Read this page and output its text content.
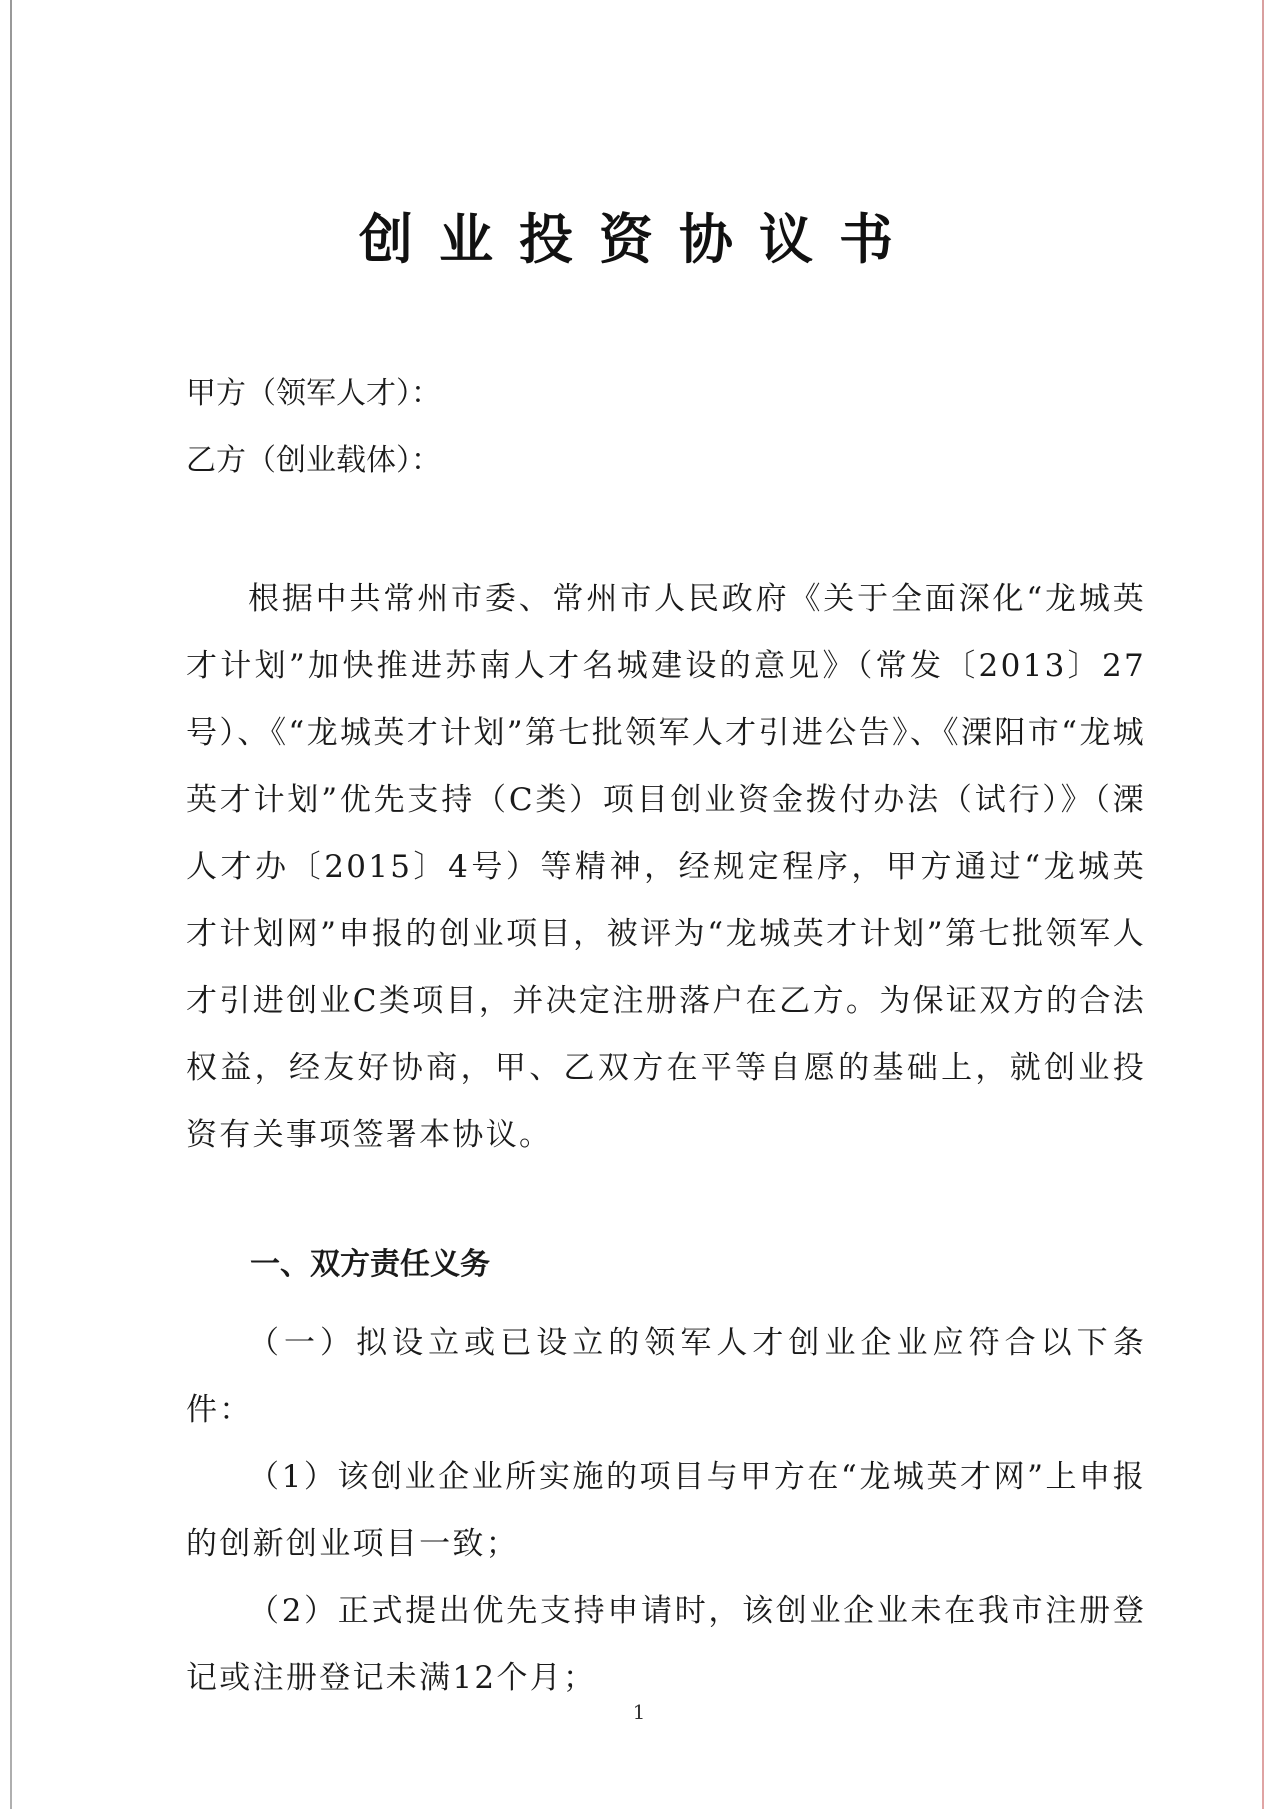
创业投资协议书

甲方（领军人才）：

乙方（创业载体）：

根据中共常州市委、常州市人民政府《关于全面深化“龙城英才计划”加快推进苏南人才名城建设的意见》（常发〔2013〕27号）、《“龙城英才计划”第七批领军人才引进公告》、《溧阳市“龙城英才计划”优先支持（C类）项目创业资金拨付办法（试行）》（溧人才办〔2015〕4号）等精神，经规定程序，甲方通过“龙城英才计划网”申报的创业项目，被评为“龙城英才计划”第七批领军人才引进创业C类项目，并决定注册落户在乙方。为保证双方的合法权益，经友好协商，甲、乙双方在平等自愿的基础上，就创业投资有关事项签署本协议。

一、双方责任义务
（一）拟设立或已设立的领军人才创业企业应符合以下条件：
（1）该创业企业所实施的项目与甲方在“龙城英才网”上申报的创新创业项目一致；
（2）正式提出优先支持申请时，该创业企业未在我市注册登记或注册登记未满12个月；

1
